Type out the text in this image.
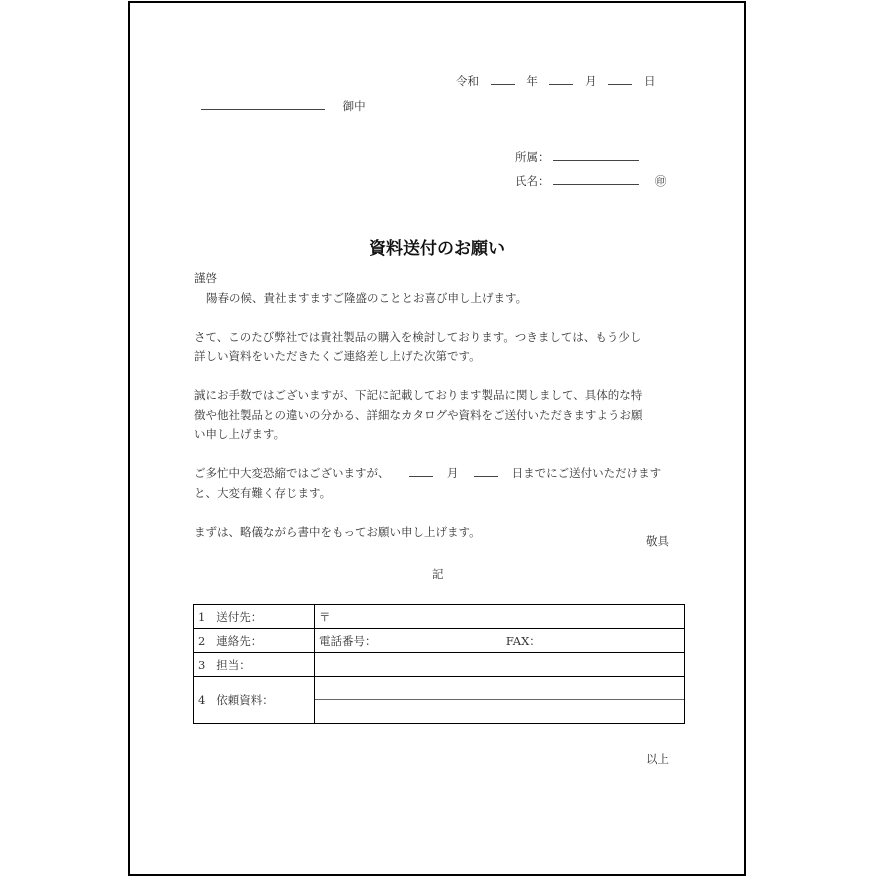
令和	年	月	日
御中
所属：
氏名：	㊞
資料送付のお願い

謹啓

陽春の候、貴社ますますご隆盛のこととお喜び申し上げます。

さて、このたび弊社では貴社製品の購入を検討しております。つきましては、もう少し

詳しい資料をいただきたくご連絡差し上げた次第です。

誠にお手数ではございますが、下記に記載しております製品に関しまして、具体的な特

徴や他社製品との違いの分かる、詳細なカタログや資料をご送付いただきますようお願

い申し上げます。

ご多忙中大変恐縮ではございますが、	月	日までにご送付いただけます

と、大変有難く存じます。

まずは、略儀ながら書中をもってお願い申し上げます。

敬具
記
1 送付先：	〒
2 連絡先：	電話番号： FAX：
3 担当：	
4 依頼資料：	
以上
